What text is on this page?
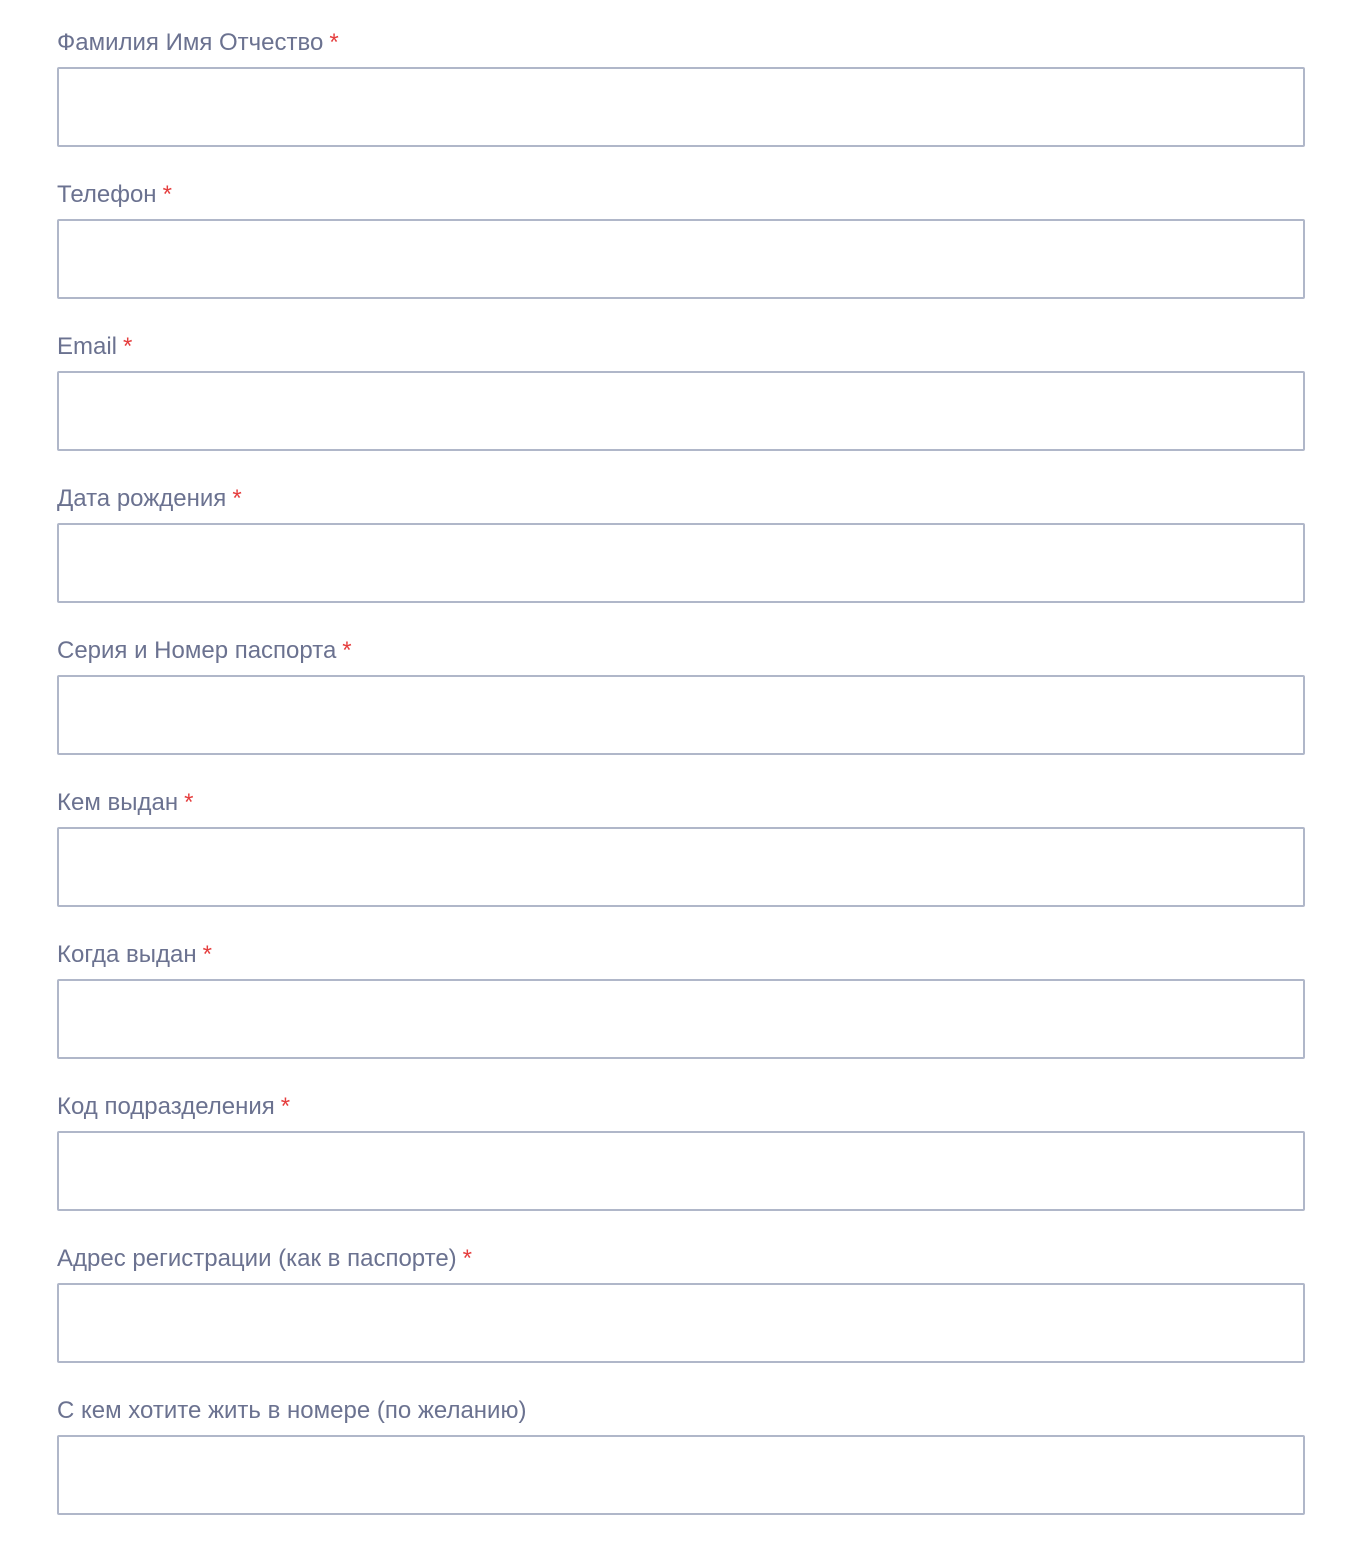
Фамилия Имя Отчество *
Телефон *
Email *
Дата рождения *
Серия и Номер паспорта *
Кем выдан *
Когда выдан *
Код подразделения *
Адрес регистрации (как в паспорте) *
С кем хотите жить в номере (по желанию)
